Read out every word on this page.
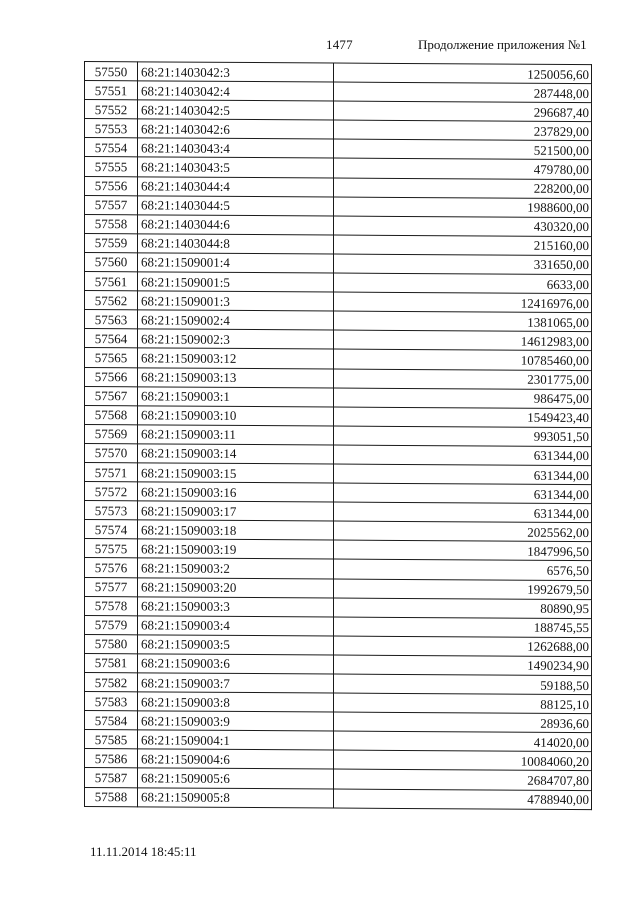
1477	Продолжение приложения №1
57550	68:21:1403042:3	1250056,60
57551	68:21:1403042:4	287448,00
57552	68:21:1403042:5	296687,40
57553	68:21:1403042:6	237829,00
57554	68:21:1403043:4	521500,00
57555	68:21:1403043:5	479780,00
57556	68:21:1403044:4	228200,00
57557	68:21:1403044:5	1988600,00
57558	68:21:1403044:6	430320,00
57559	68:21:1403044:8	215160,00
57560	68:21:1509001:4	331650,00
57561	68:21:1509001:5	6633,00
57562	68:21:1509001:3	12416976,00
57563	68:21:1509002:4	1381065,00
57564	68:21:1509002:3	14612983,00
57565	68:21:1509003:12	10785460,00
57566	68:21:1509003:13	2301775,00
57567	68:21:1509003:1	986475,00
57568	68:21:1509003:10	1549423,40
57569	68:21:1509003:11	993051,50
57570	68:21:1509003:14	631344,00
57571	68:21:1509003:15	631344,00
57572	68:21:1509003:16	631344,00
57573	68:21:1509003:17	631344,00
57574	68:21:1509003:18	2025562,00
57575	68:21:1509003:19	1847996,50
57576	68:21:1509003:2	6576,50
57577	68:21:1509003:20	1992679,50
57578	68:21:1509003:3	80890,95
57579	68:21:1509003:4	188745,55
57580	68:21:1509003:5	1262688,00
57581	68:21:1509003:6	1490234,90
57582	68:21:1509003:7	59188,50
57583	68:21:1509003:8	88125,10
57584	68:21:1509003:9	28936,60
57585	68:21:1509004:1	414020,00
57586	68:21:1509004:6	10084060,20
57587	68:21:1509005:6	2684707,80
57588	68:21:1509005:8	4788940,00
11.11.2014 18:45:11
